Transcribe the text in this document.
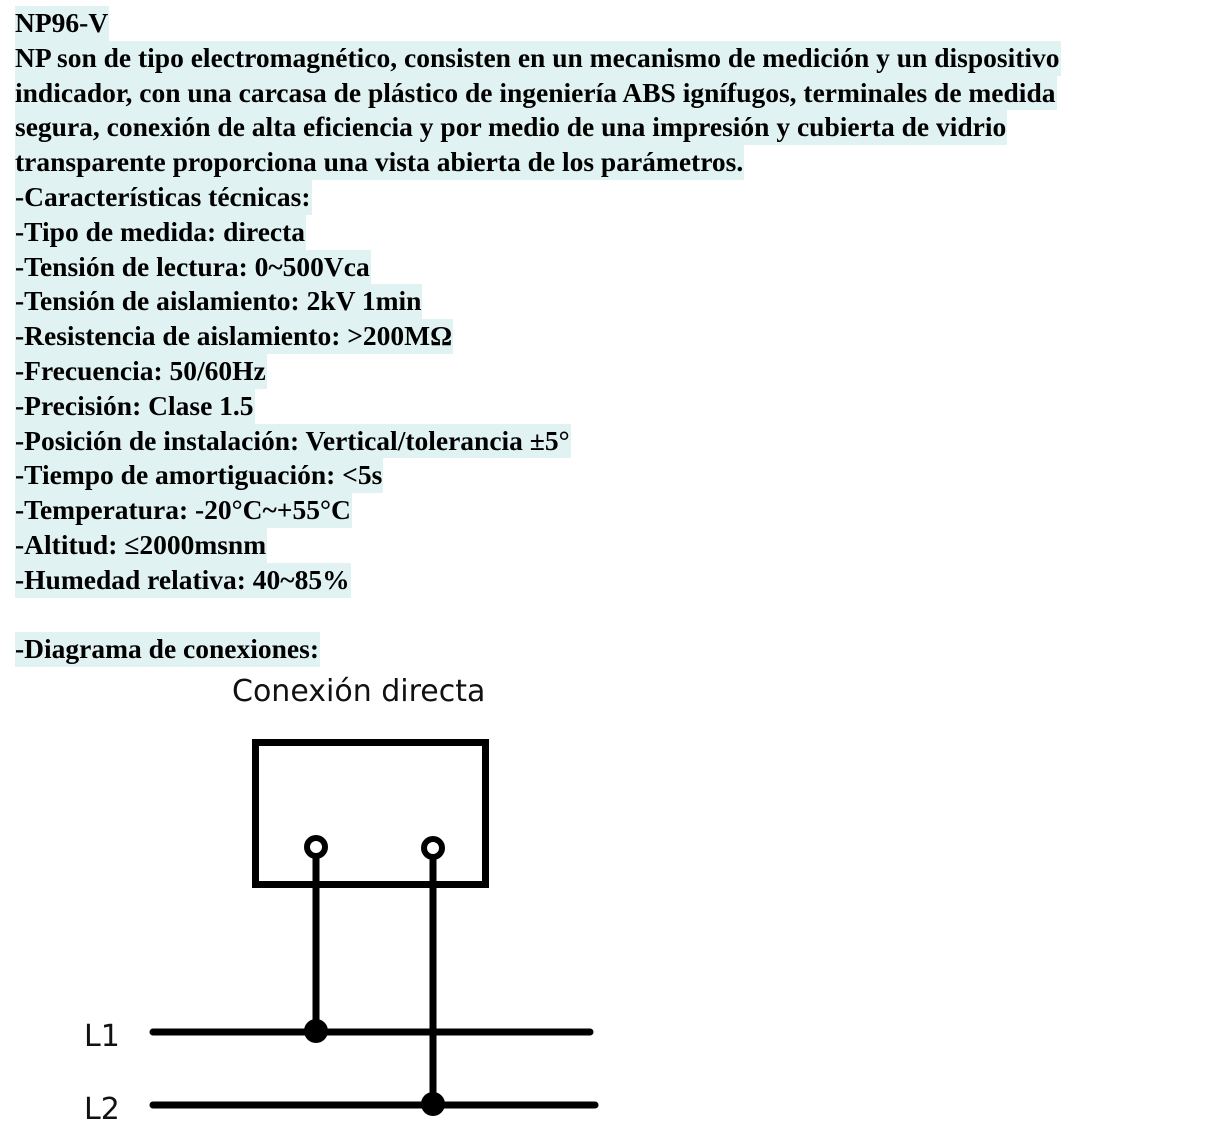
NP96-V
NP son de tipo electromagnético, consisten en un mecanismo de medición y un dispositivo
indicador, con una carcasa de plástico de ingeniería ABS ignífugos, terminales de medida
segura, conexión de alta eficiencia y por medio de una impresión y cubierta de vidrio
transparente proporciona una vista abierta de los parámetros.
-Características técnicas:
-Tipo de medida: directa
-Tensión de lectura: 0~500Vca
-Tensión de aislamiento: 2kV 1min
-Resistencia de aislamiento: >200MΩ
-Frecuencia: 50/60Hz
-Precisión: Clase 1.5
-Posición de instalación: Vertical/tolerancia ±5°
-Tiempo de amortiguación: <5s
-Temperatura: -20°C~+55°C
-Altitud: ≤2000msnm
-Humedad relativa: 40~85%
-Diagrama de conexiones:
Conexión directa
L1
L2
